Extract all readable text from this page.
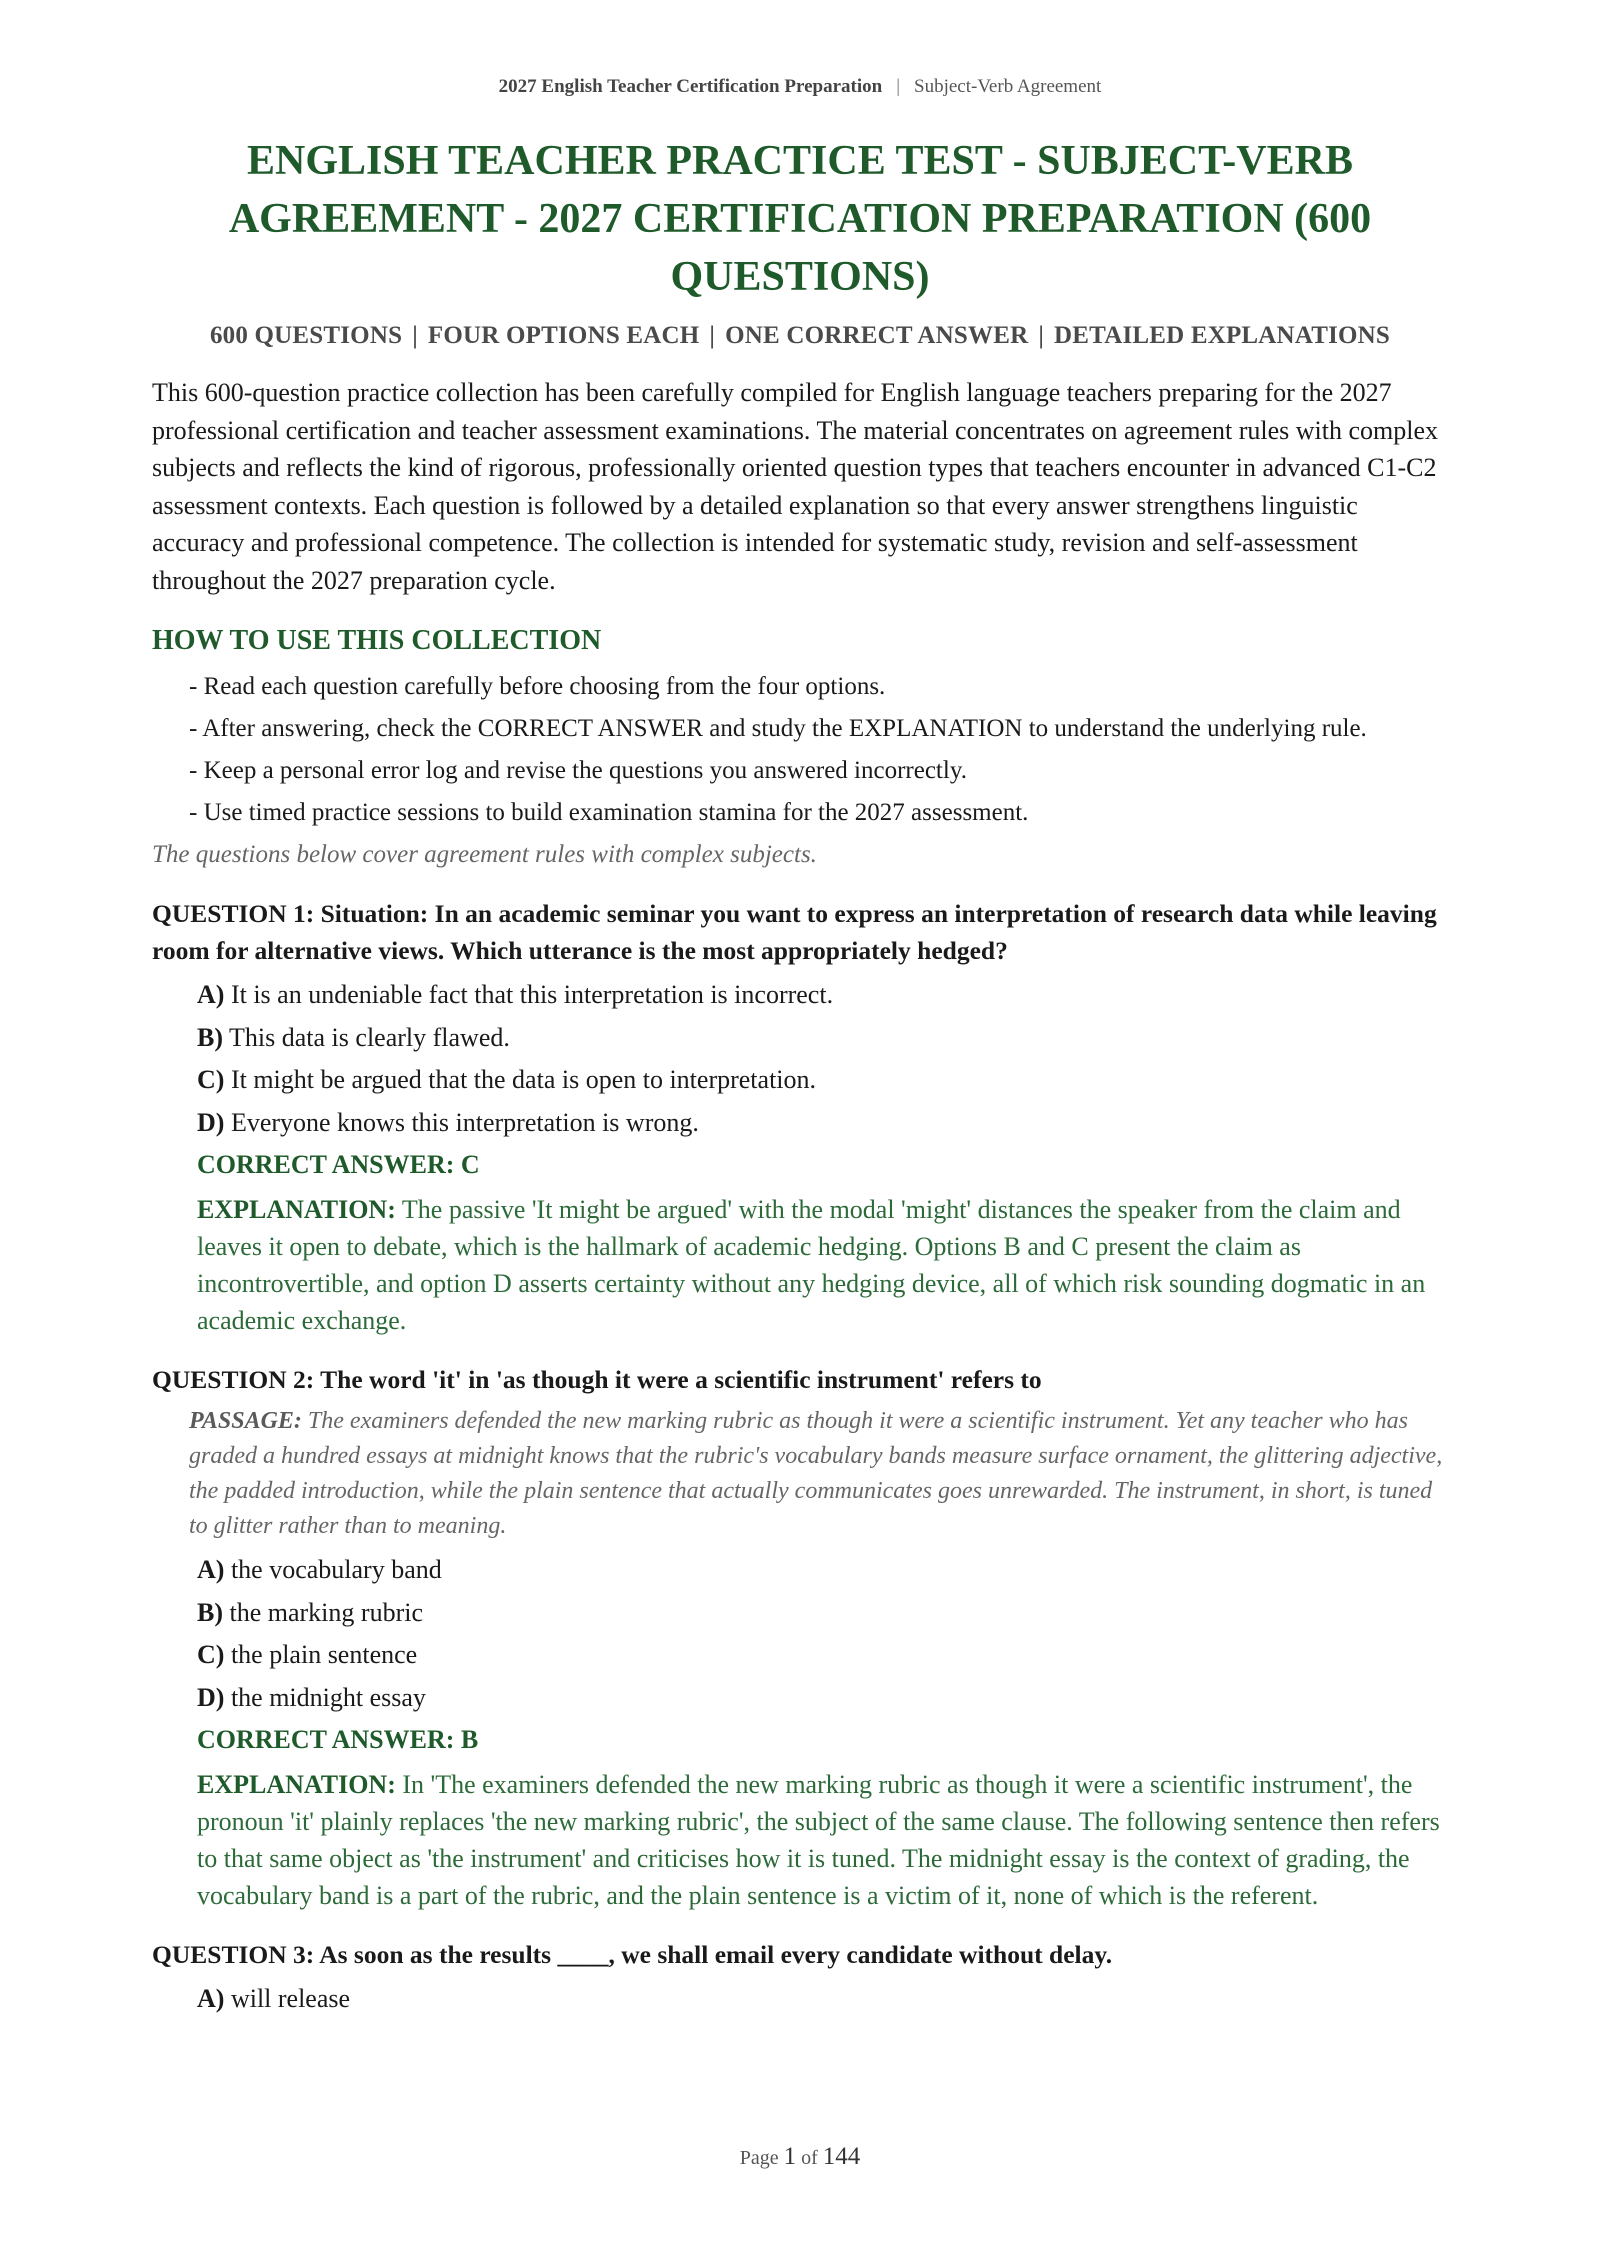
2027 English Teacher Certification Preparation | Subject-Verb Agreement
ENGLISH TEACHER PRACTICE TEST - SUBJECT-VERB AGREEMENT - 2027 CERTIFICATION PREPARATION (600 QUESTIONS)
600 QUESTIONS | FOUR OPTIONS EACH | ONE CORRECT ANSWER | DETAILED EXPLANATIONS

This 600-question practice collection has been carefully compiled for English language teachers preparing for the 2027 professional certification and teacher assessment examinations. The material concentrates on agreement rules with complex subjects and reflects the kind of rigorous, professionally oriented question types that teachers encounter in advanced C1-C2 assessment contexts. Each question is followed by a detailed explanation so that every answer strengthens linguistic accuracy and professional competence. The collection is intended for systematic study, revision and self-assessment throughout the 2027 preparation cycle.

HOW TO USE THIS COLLECTION
- Read each question carefully before choosing from the four options.
- After answering, check the CORRECT ANSWER and study the EXPLANATION to understand the underlying rule.
- Keep a personal error log and revise the questions you answered incorrectly.
- Use timed practice sessions to build examination stamina for the 2027 assessment.
The questions below cover agreement rules with complex subjects.
QUESTION 1: Situation: In an academic seminar you want to express an interpretation of research data while leaving room for alternative views. Which utterance is the most appropriately hedged?
A) It is an undeniable fact that this interpretation is incorrect.
B) This data is clearly flawed.
C) It might be argued that the data is open to interpretation.
D) Everyone knows this interpretation is wrong.
CORRECT ANSWER: C
EXPLANATION: The passive 'It might be argued' with the modal 'might' distances the speaker from the claim and leaves it open to debate, which is the hallmark of academic hedging. Options B and C present the claim as incontrovertible, and option D asserts certainty without any hedging device, all of which risk sounding dogmatic in an academic exchange.
QUESTION 2: The word 'it' in 'as though it were a scientific instrument' refers to
PASSAGE: The examiners defended the new marking rubric as though it were a scientific instrument. Yet any teacher who has graded a hundred essays at midnight knows that the rubric's vocabulary bands measure surface ornament, the glittering adjective, the padded introduction, while the plain sentence that actually communicates goes unrewarded. The instrument, in short, is tuned to glitter rather than to meaning.
A) the vocabulary band
B) the marking rubric
C) the plain sentence
D) the midnight essay
CORRECT ANSWER: B
EXPLANATION: In 'The examiners defended the new marking rubric as though it were a scientific instrument', the pronoun 'it' plainly replaces 'the new marking rubric', the subject of the same clause. The following sentence then refers to that same object as 'the instrument' and criticises how it is tuned. The midnight essay is the context of grading, the vocabulary band is a part of the rubric, and the plain sentence is a victim of it, none of which is the referent.
QUESTION 3: As soon as the results ____, we shall email every candidate without delay.
A) will release
Page 1 of 144
